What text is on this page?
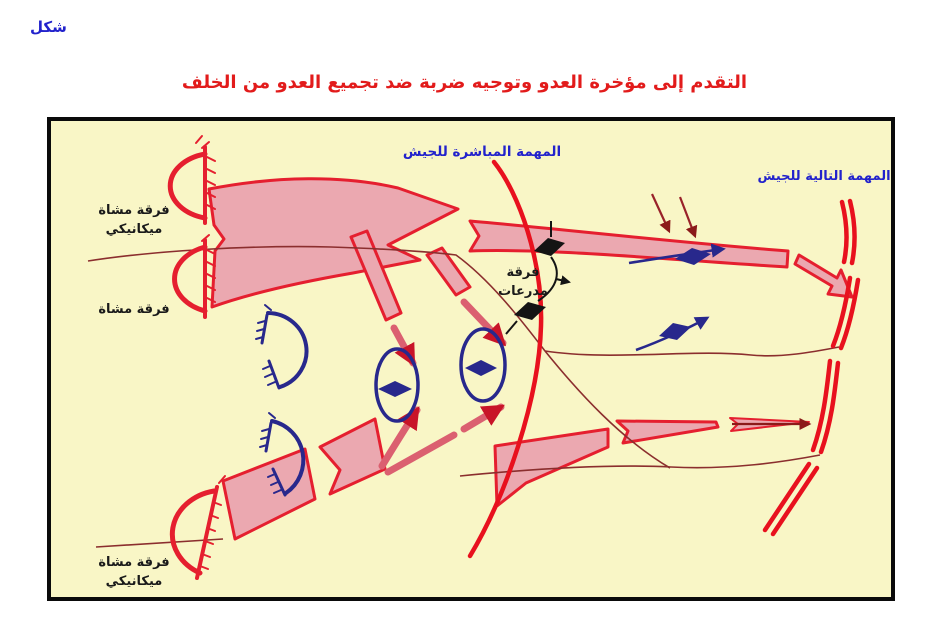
شكل
التقدم إلى مؤخرة العدو وتوجيه ضربة ضد تجميع العدو من الخلف
فرقة مشاة
ميكانيكي
فرقة مشاة
فرقة
مدرعات
فرقة مشاة
ميكانيكي
المهمة المباشرة للجيش
المهمة التالية للجيش
